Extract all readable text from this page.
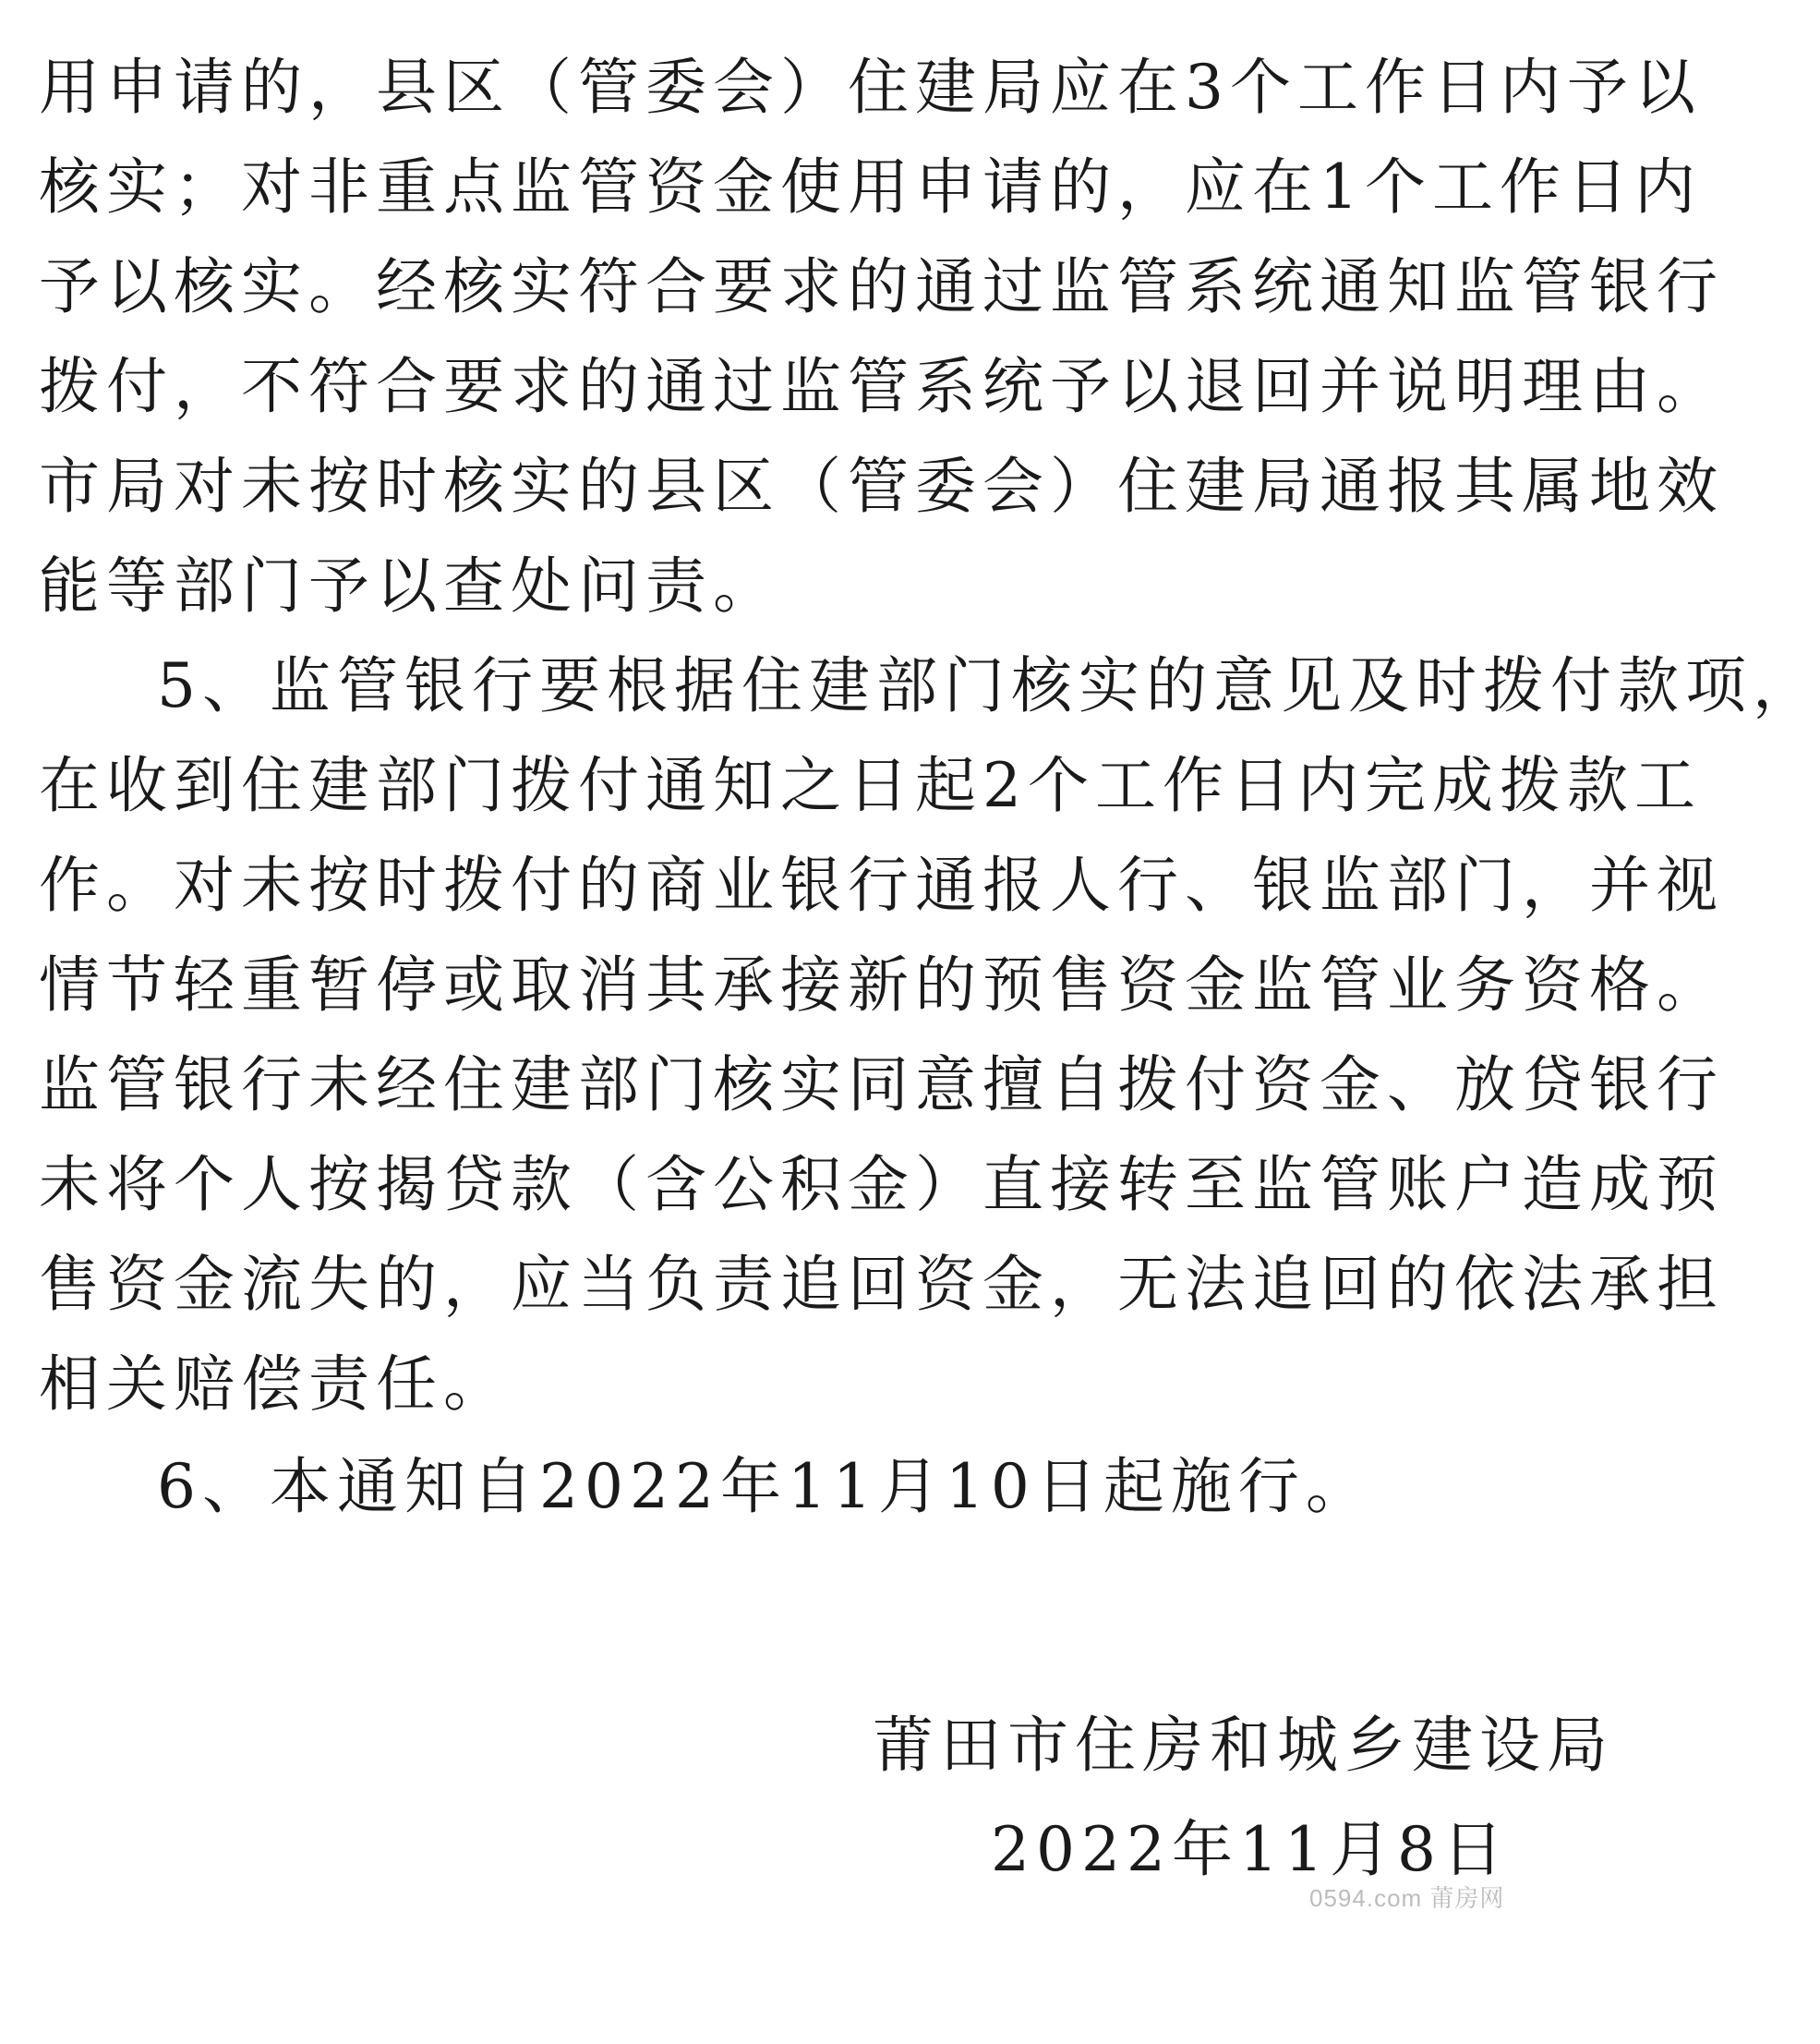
用申请的，县区（管委会）住建局应在3个工作日内予以
核实；对非重点监管资金使用申请的，应在1个工作日内
予以核实。经核实符合要求的通过监管系统通知监管银行
拨付，不符合要求的通过监管系统予以退回并说明理由。
市局对未按时核实的县区（管委会）住建局通报其属地效
能等部门予以查处问责。
5、监管银行要根据住建部门核实的意见及时拨付款项，
在收到住建部门拨付通知之日起2个工作日内完成拨款工
作。对未按时拨付的商业银行通报人行、银监部门，并视
情节轻重暂停或取消其承接新的预售资金监管业务资格。
监管银行未经住建部门核实同意擅自拨付资金、放贷银行
未将个人按揭贷款（含公积金）直接转至监管账户造成预
售资金流失的，应当负责追回资金，无法追回的依法承担
相关赔偿责任。
6、本通知自2022年11月10日起施行。
莆田市住房和城乡建设局
2022年11月8日
0594.com 莆房网
